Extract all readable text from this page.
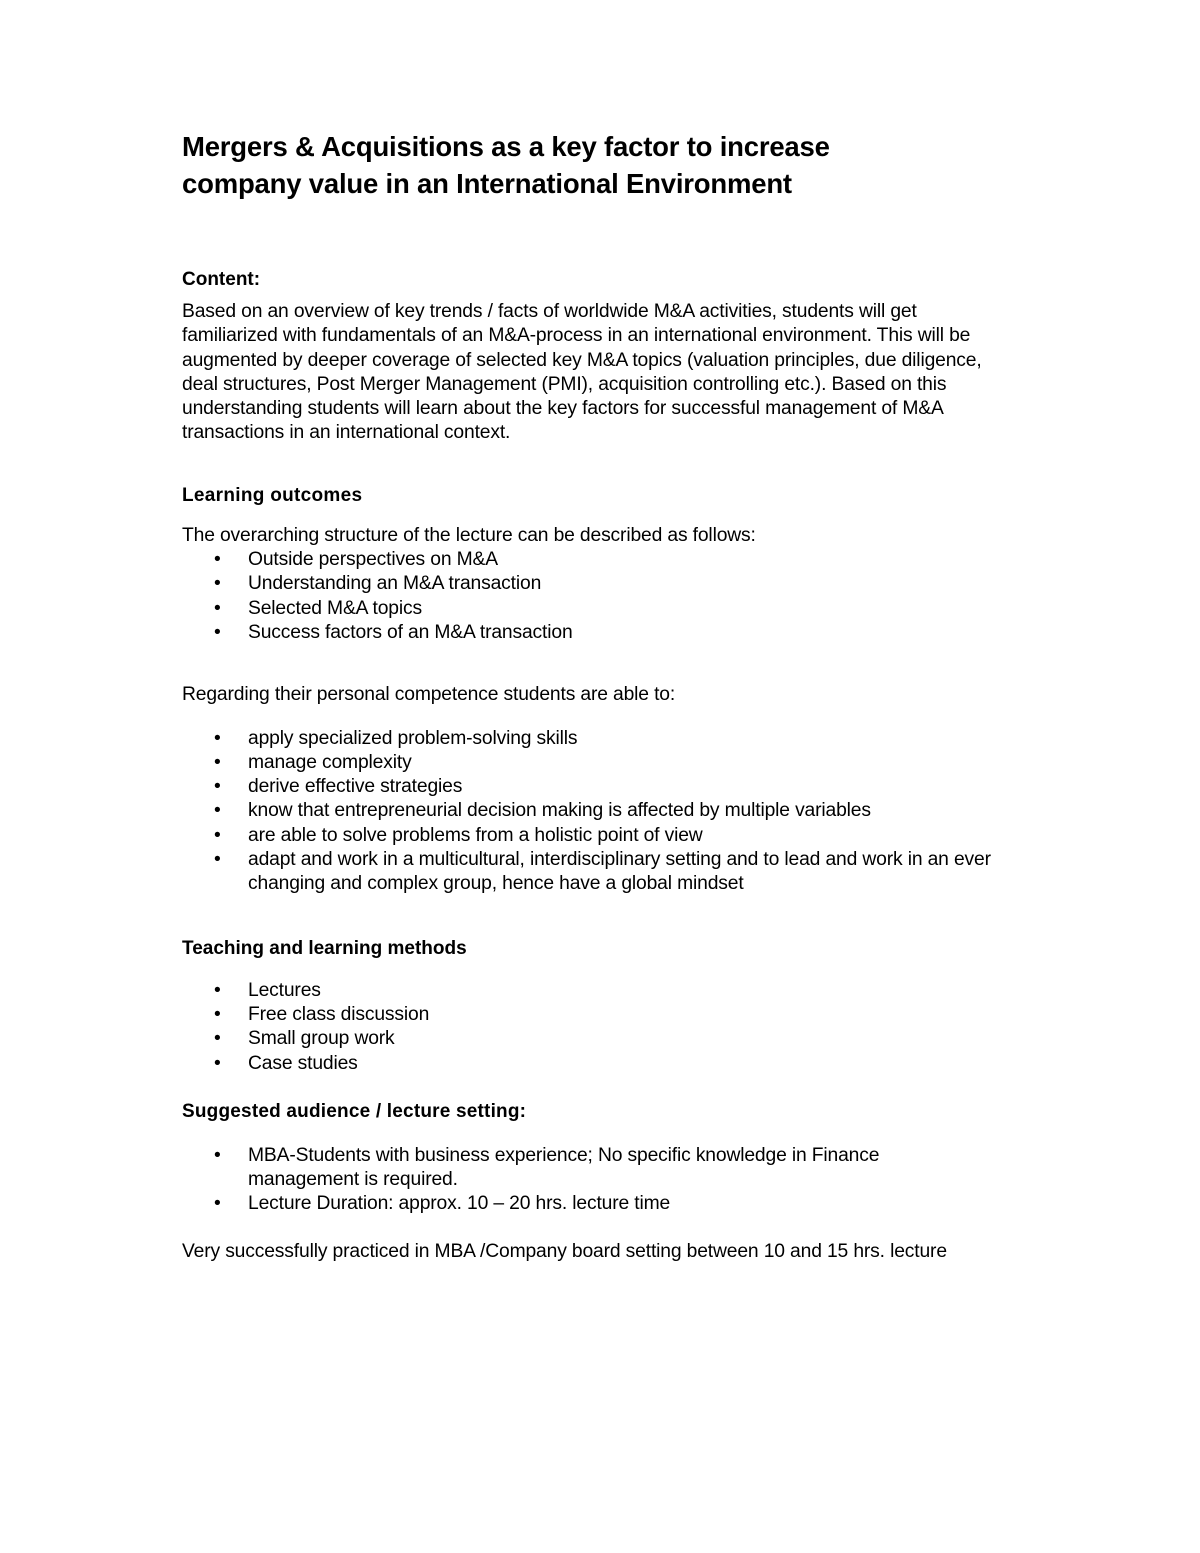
Mergers & Acquisitions as a key factor to increase
company value in an International Environment
Content:

Based on an overview of key trends / facts of worldwide M&A activities, students will get familiarized with fundamentals of an M&A-process in an international environment. This will be augmented by deeper coverage of selected key M&A topics (valuation principles, due diligence, deal structures, Post Merger Management (PMI), acquisition controlling etc.). Based on this understanding students will learn about the key factors for successful management of M&A transactions in an international context.

Learning outcomes

The overarching structure of the lecture can be described as follows:

• Outside perspectives on M&A
• Understanding an M&A transaction
• Selected M&A topics
• Success factors of an M&A transaction

Regarding their personal competence students are able to:

• apply specialized problem-solving skills
• manage complexity
• derive effective strategies
• know that entrepreneurial decision making is affected by multiple variables
• are able to solve problems from a holistic point of view
• adapt and work in a multicultural, interdisciplinary setting and to lead and work in an ever changing and complex group, hence have a global mindset
Teaching and learning methods
• Lectures
• Free class discussion
• Small group work
• Case studies
Suggested audience / lecture setting:
• MBA-Students with business experience; No specific knowledge in Finance management is required.
• Lecture Duration: approx. 10 – 20 hrs. lecture time

Very successfully practiced in MBA /Company board setting between 10 and 15 hrs. lecture
